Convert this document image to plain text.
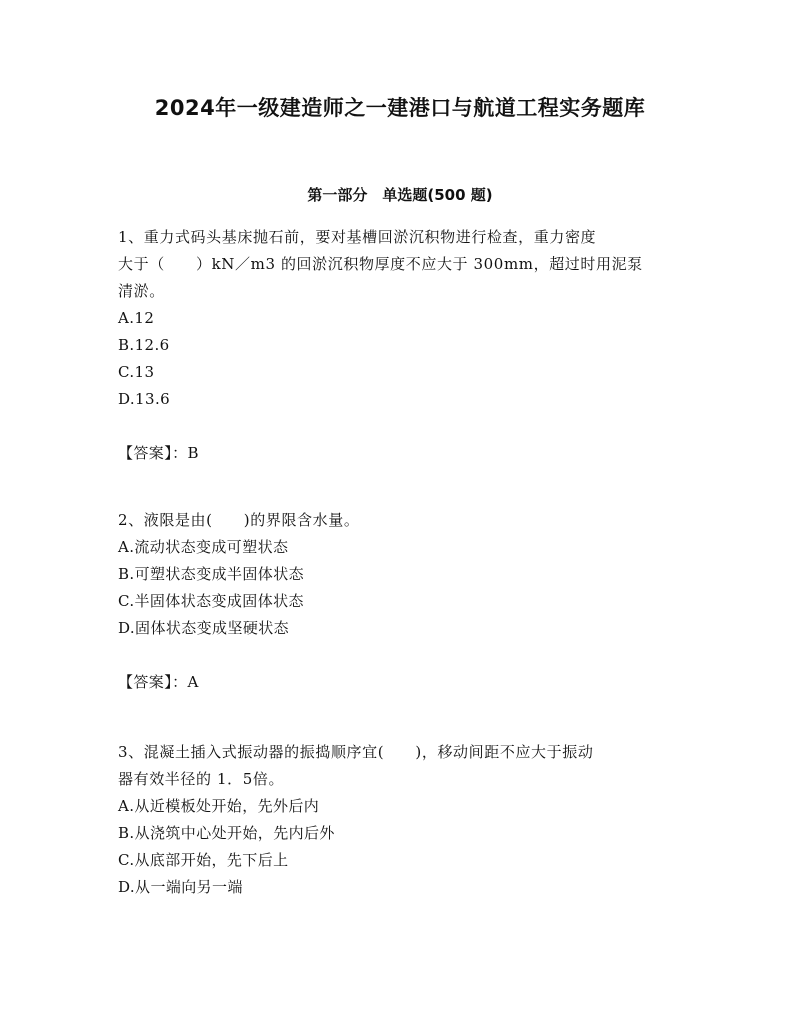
2024年一级建造师之一建港口与航道工程实务题库
第一部分　单选题(500 题)

1、重力式码头基床抛石前，要对基槽回淤沉积物进行检查，重力密度

大于（　　）kN／m3 的回淤沉积物厚度不应大于 300mm，超过时用泥泵

清淤。

A.12

B.12.6

C.13

D.13.6

【答案】：B

2、液限是由(　　)的界限含水量。

A.流动状态变成可塑状态

B.可塑状态变成半固体状态

C.半固体状态变成固体状态

D.固体状态变成坚硬状态

【答案】：A

3、混凝土插入式振动器的振捣顺序宜(　　)，移动间距不应大于振动

器有效半径的 1．5倍。

A.从近模板处开始，先外后内

B.从浇筑中心处开始，先内后外

C.从底部开始，先下后上

D.从一端向另一端
